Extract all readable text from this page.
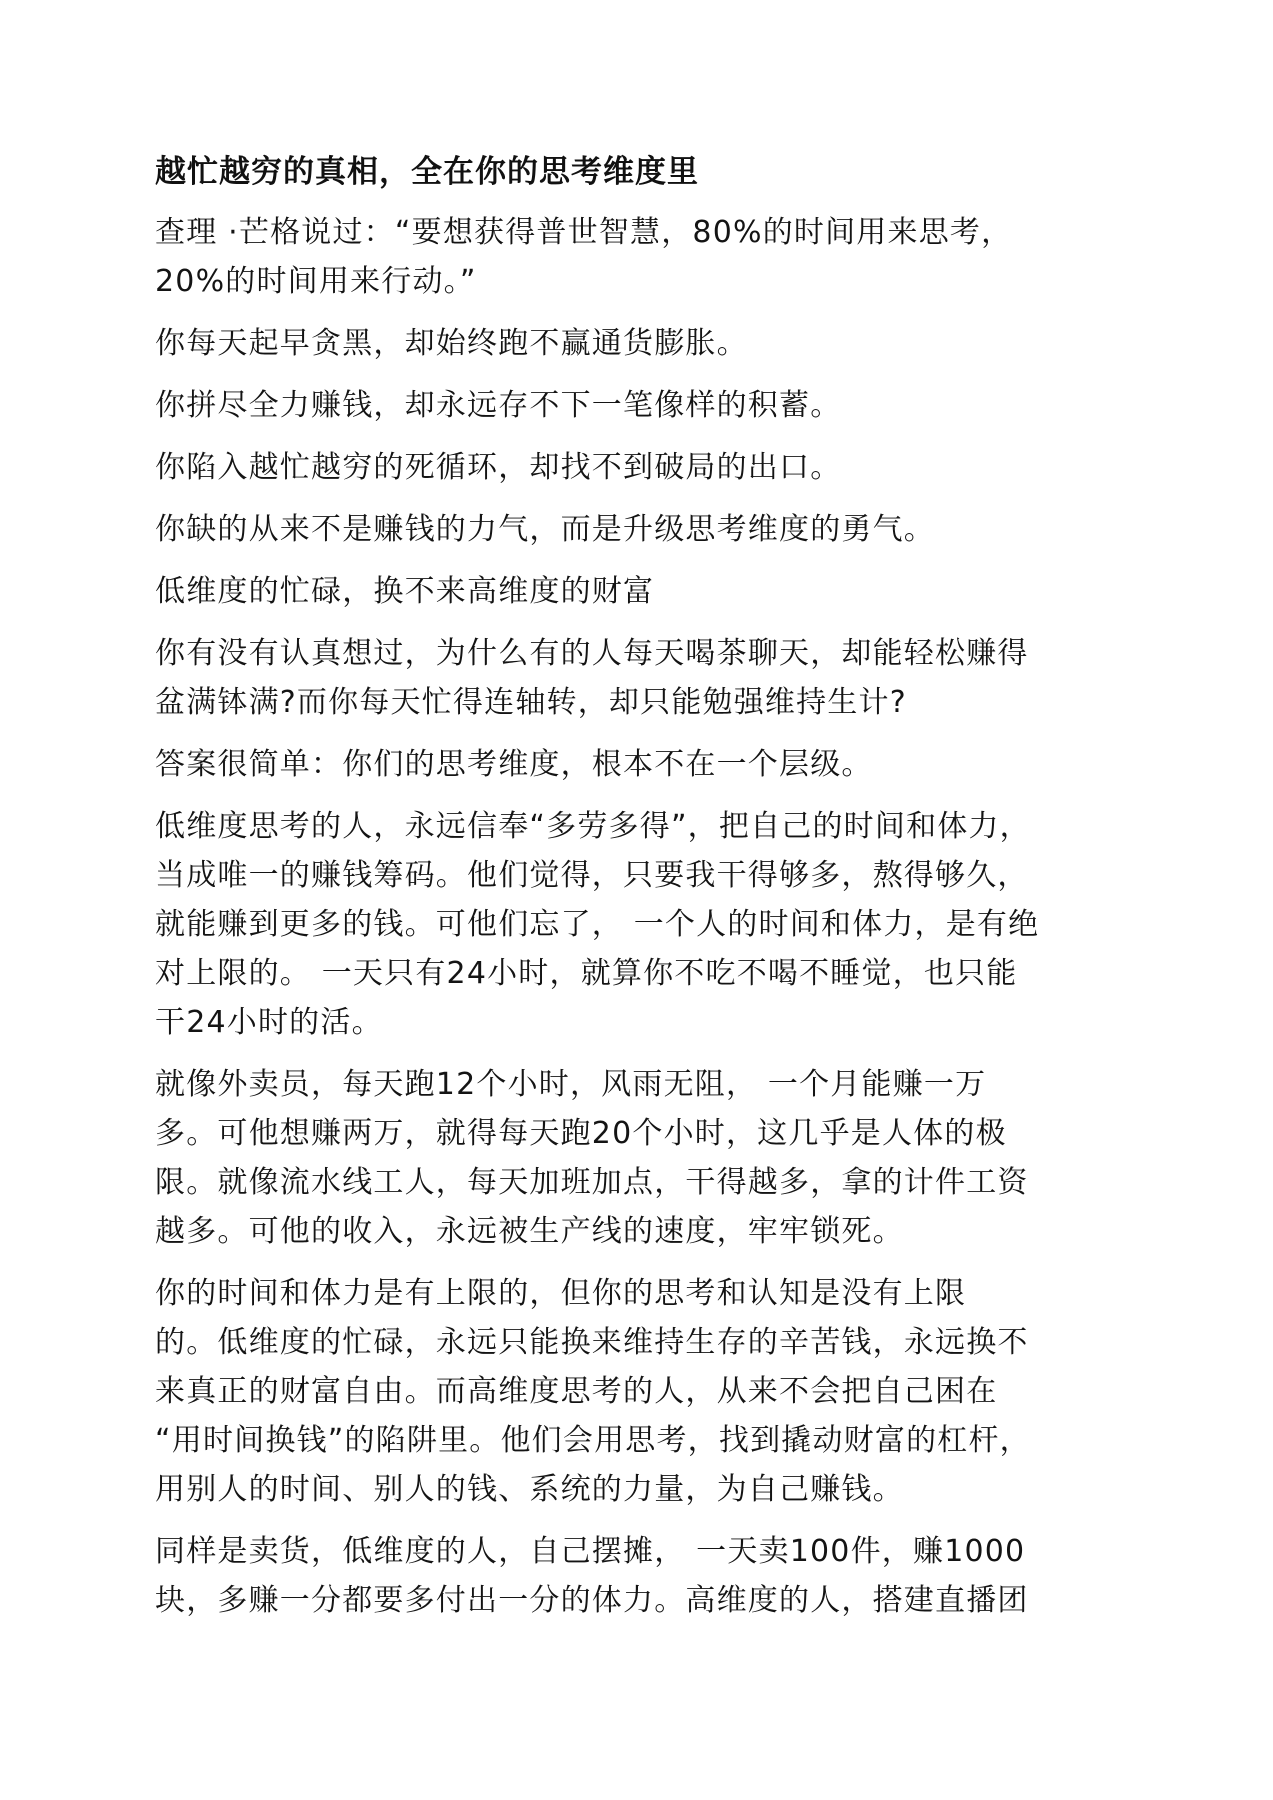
越忙越穷的真相，全在你的思考维度里

查理 ·芒格说过：“要想获得普世智慧，80%的时间用来思考，
20%的时间用来行动。”

你每天起早贪黑，却始终跑不赢通货膨胀。

你拼尽全力赚钱，却永远存不下一笔像样的积蓄。

你陷入越忙越穷的死循环，却找不到破局的出口。

你缺的从来不是赚钱的力气，而是升级思考维度的勇气。

低维度的忙碌，换不来高维度的财富

你有没有认真想过，为什么有的人每天喝茶聊天，却能轻松赚得
盆满钵满?而你每天忙得连轴转，却只能勉强维持生计?

答案很简单：你们的思考维度，根本不在一个层级。

低维度思考的人，永远信奉“多劳多得”，把自己的时间和体力，
当成唯一的赚钱筹码。他们觉得，只要我干得够多，熬得够久，
就能赚到更多的钱。可他们忘了， 一个人的时间和体力，是有绝
对上限的。 一天只有24小时，就算你不吃不喝不睡觉，也只能
干24小时的活。

就像外卖员，每天跑12个小时，风雨无阻， 一个月能赚一万
多。可他想赚两万，就得每天跑20个小时，这几乎是人体的极
限。就像流水线工人，每天加班加点，干得越多，拿的计件工资
越多。可他的收入，永远被生产线的速度，牢牢锁死。

你的时间和体力是有上限的，但你的思考和认知是没有上限
的。低维度的忙碌，永远只能换来维持生存的辛苦钱，永远换不
来真正的财富自由。而高维度思考的人，从来不会把自己困在
“用时间换钱”的陷阱里。他们会用思考，找到撬动财富的杠杆，
用别人的时间、别人的钱、系统的力量，为自己赚钱。

同样是卖货，低维度的人，自己摆摊， 一天卖100件，赚1000
块，多赚一分都要多付出一分的体力。高维度的人，搭建直播团
